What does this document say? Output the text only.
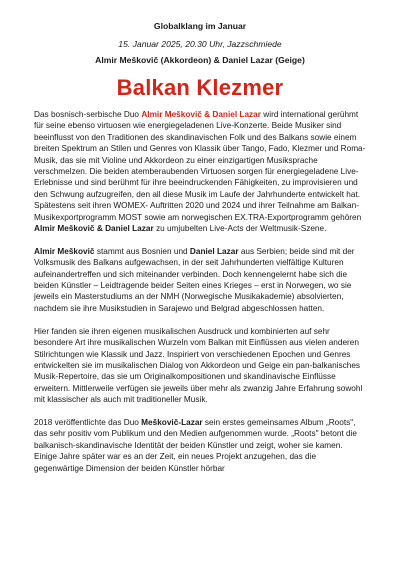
Globalklang im Januar

15. Januar 2025, 20.30 Uhr, Jazzschmiede

Almir Meškovič (Akkordeon) & Daniel Lazar (Geige)

Balkan Klezmer

Das bosnisch-serbische Duo Almir Meškovič & Daniel Lazar wird international gerühmt für seine ebenso virtuosen wie energiegeladenen Live-Konzerte. Beide Musiker sind beeinflusst von den Traditionen des skandinavischen Folk und des Balkans sowie einem breiten Spektrum an Stilen und Genres von Klassik über Tango, Fado, Klezmer und Roma-Musik, das sie mit Violine und Akkordeon zu einer einzigartigen Musiksprache verschmelzen. Die beiden atemberaubenden Virtuosen sorgen für energiegeladene Live-Erlebnisse und sind berühmt für ihre beeindruckenden Fähigkeiten, zu improvisieren und den Schwung aufzugreifen, den all diese Musik im Laufe der Jahrhunderte entwickelt hat. Spätestens seit ihren WOMEX- Auftritten 2020 und 2024 und ihrer Teilnahme am Balkan-Musikexportprogramm MOST sowie am norwegischen EX.TRA-Exportprogramm gehören Almir Meškovič & Daniel Lazar zu umjubelten Live-Acts der Weltmusik-Szene.

Almir Meškovič stammt aus Bosnien und Daniel Lazar aus Serbien; beide sind mit der Volksmusik des Balkans aufgewachsen, in der seit Jahrhunderten vielfältige Kulturen aufeinandertreffen und sich miteinander verbinden. Doch kennengelernt habe sich die beiden Künstler – Leidtragende beider Seiten eines Krieges – erst in Norwegen, wo sie jeweils ein Masterstudiums an der NMH (Norwegische Musikakademie) absolvierten, nachdem sie ihre Musikstudien in Sarajewo und Belgrad abgeschlossen hatten.

Hier fanden sie ihren eigenen musikalischen Ausdruck und kombinierten auf sehr besondere Art ihre musikalischen Wurzeln vom Balkan mit Einflüssen aus vielen anderen Stilrichtungen wie Klassik und Jazz. Inspiriert von verschiedenen Epochen und Genres entwickelten sie im musikalischen Dialog von Akkordeon und Geige ein pan-balkanisches Musik-Repertoire, das sie um Originalkompositionen und skandinavische Einflüsse erweitern. Mittlerweile verfügen sie jeweils über mehr als zwanzig Jahre Erfahrung sowohl mit klassischer als auch mit traditioneller Musik.

2018 veröffentlichte das Duo Meškovič-Lazar sein erstes gemeinsames Album „Roots", das sehr positiv vom Publikum und den Medien aufgenommen wurde. „Roots" betont die balkanisch-skandinavische Identität der beiden Künstler und zeigt, woher sie kamen. Einige Jahre später war es an der Zeit, ein neues Projekt anzugehen, das die gegenwärtige Dimension der beiden Künstler hörbar
